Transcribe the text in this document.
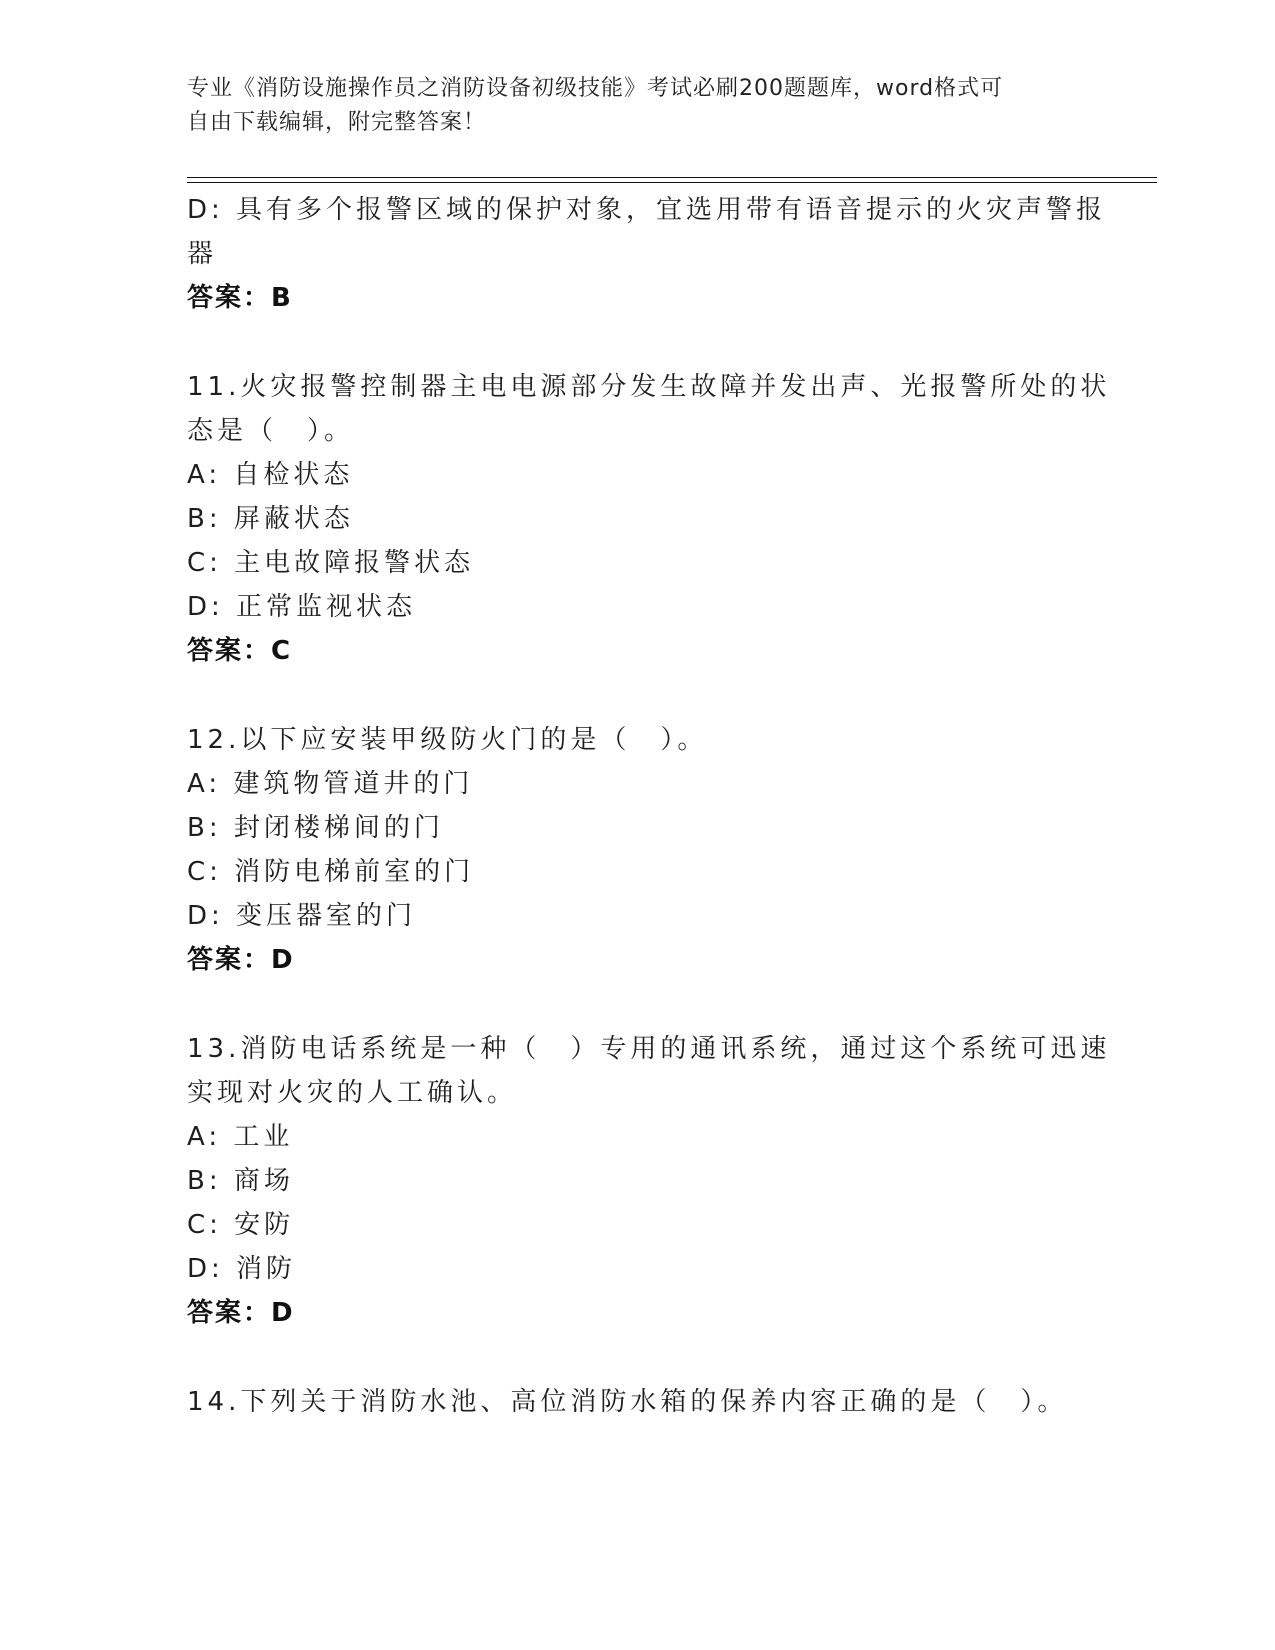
专业《消防设施操作员之消防设备初级技能》考试必刷200题题库，word格式可
自由下载编辑，附完整答案！
D: 具有多个报警区域的保护对象，宜选用带有语音提示的火灾声警报
器
答案：B
11.火灾报警控制器主电电源部分发生故障并发出声、光报警所处的状
态是（　）。
A: 自检状态
B: 屏蔽状态
C: 主电故障报警状态
D: 正常监视状态
答案：C
12.以下应安装甲级防火门的是（　）。
A: 建筑物管道井的门
B: 封闭楼梯间的门
C: 消防电梯前室的门
D: 变压器室的门
答案：D
13.消防电话系统是一种（　）专用的通讯系统，通过这个系统可迅速
实现对火灾的人工确认。
A: 工业
B: 商场
C: 安防
D: 消防
答案：D
14.下列关于消防水池、高位消防水箱的保养内容正确的是（　）。
